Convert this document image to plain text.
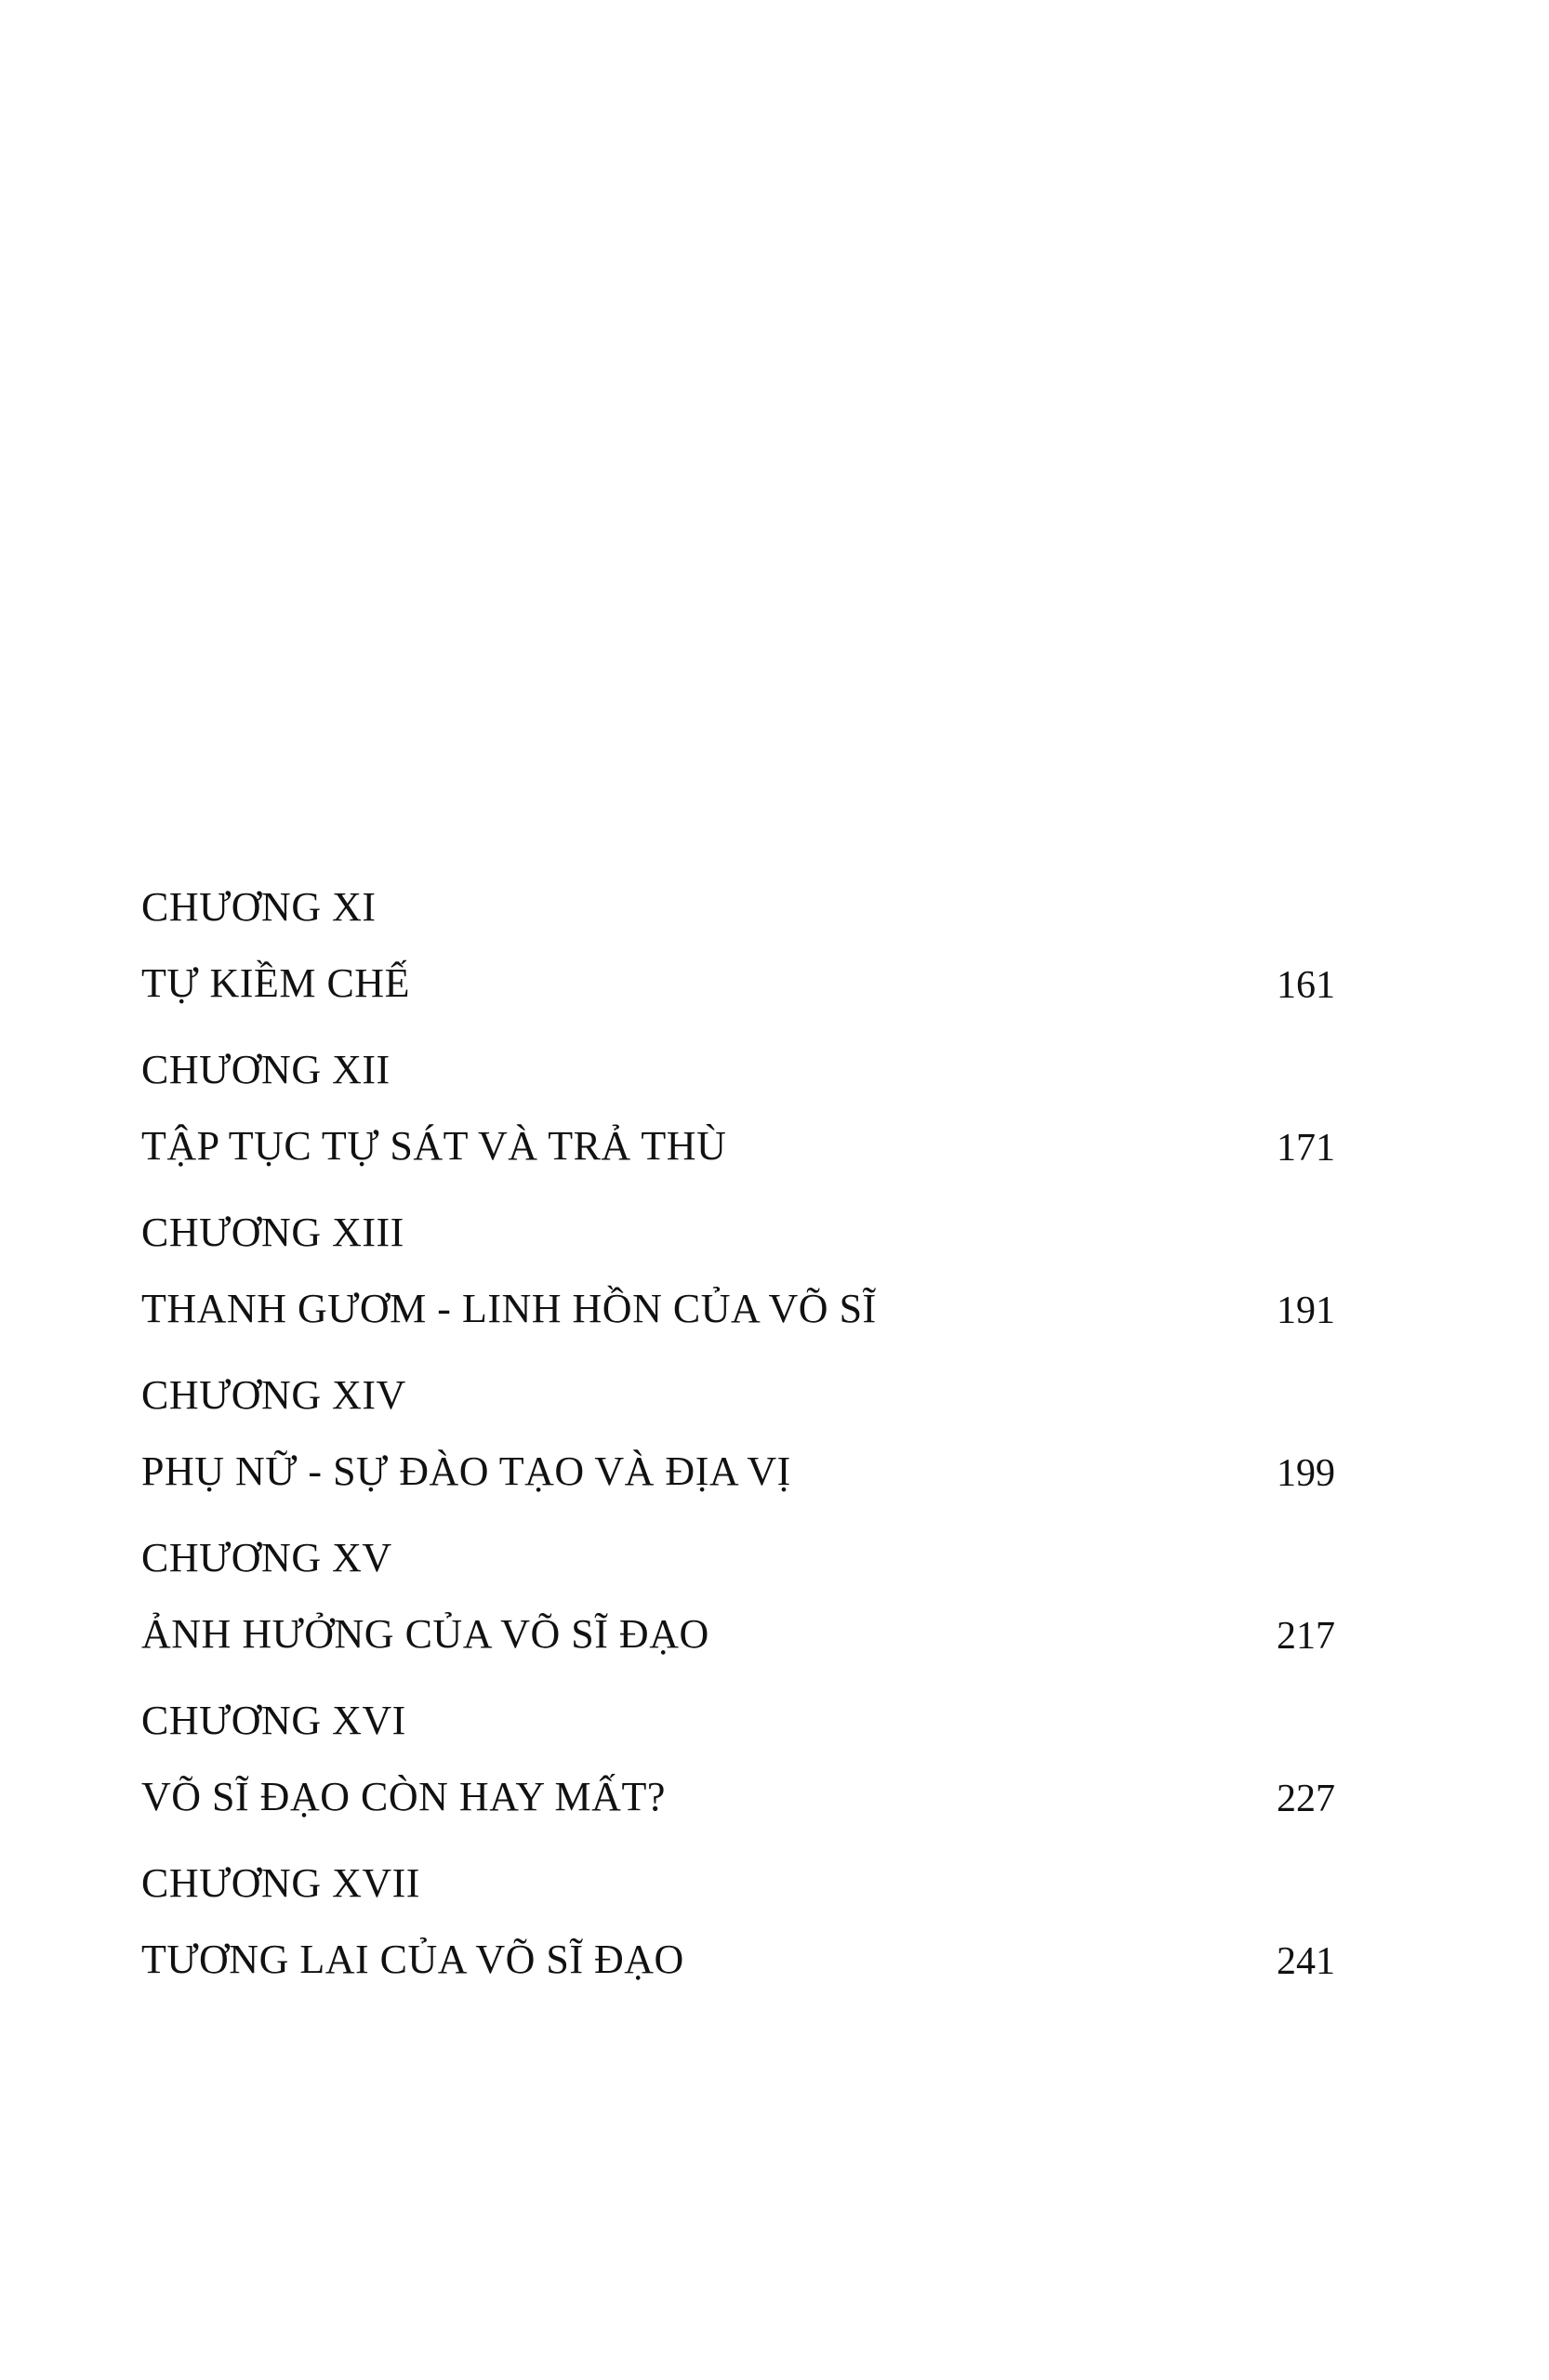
CHƯƠNG XI
TỰ KIỀM CHẾ	161
CHƯƠNG XII
TẬP TỤC TỰ SÁT VÀ TRẢ THÙ	171
CHƯƠNG XIII
THANH GƯƠM - LINH HỒN CỦA VÕ SĨ	191
CHƯƠNG XIV
PHỤ NỮ - SỰ ĐÀO TẠO VÀ ĐỊA VỊ	199
CHƯƠNG XV
ẢNH HƯỞNG CỦA VÕ SĨ ĐẠO	217
CHƯƠNG XVI
VÕ SĨ ĐẠO CÒN HAY MẤT?	227
CHƯƠNG XVII
TƯƠNG LAI CỦA VÕ SĨ ĐẠO	241
